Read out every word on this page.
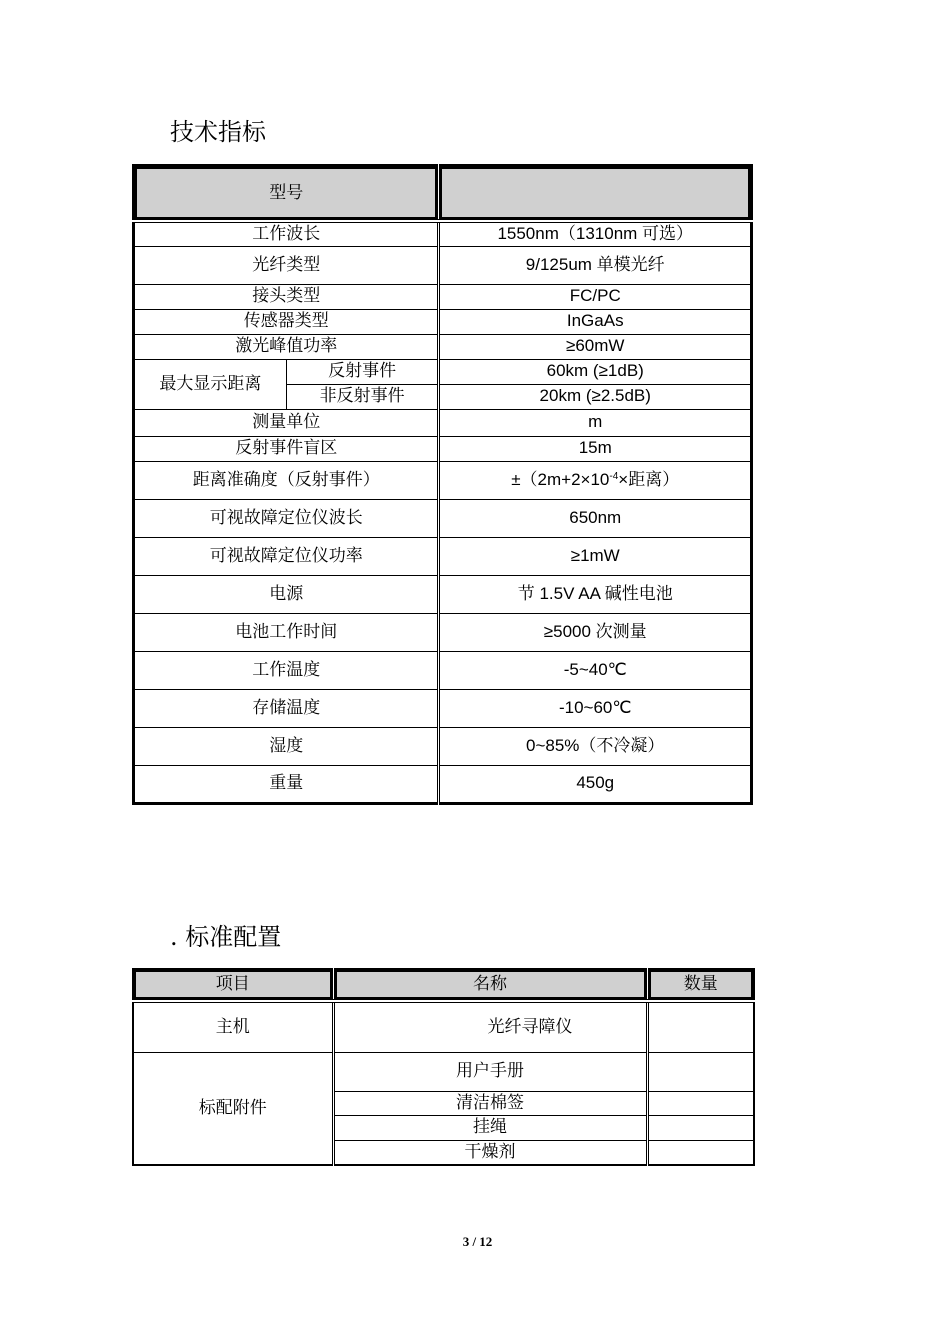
技术指标
型号		
工作波长		1550nm（1310nm 可选）
光纤类型		9/125um 单模光纤
接头类型		FC/PC
传感器类型		InGaAs
激光峰值功率		≥60mW
最大显示距离	反射事件	60km (≥1dB)
	非反射事件	20km (≥2.5dB)
测量单位		m
反射事件盲区		15m
距离准确度（反射事件）		$\pm(2m+2\times 10^{-4}\times$距离）
可视故障定位仪波长		650nm
可视故障定位仪功率		≥1mW
电源		节 1.5V AA 碱性电池
电池工作时间		≥5000 次测量
工作温度		-5~40℃
存储温度		-10~60℃
湿度		0~85%（不冷凝）
重量		450g
. 标准配置
项目	名称	数量
主机	光纤寻障仪	
标配附件	用户手册	
	清洁棉签	
	挂绳	
	干燥剂	
3 / 12
